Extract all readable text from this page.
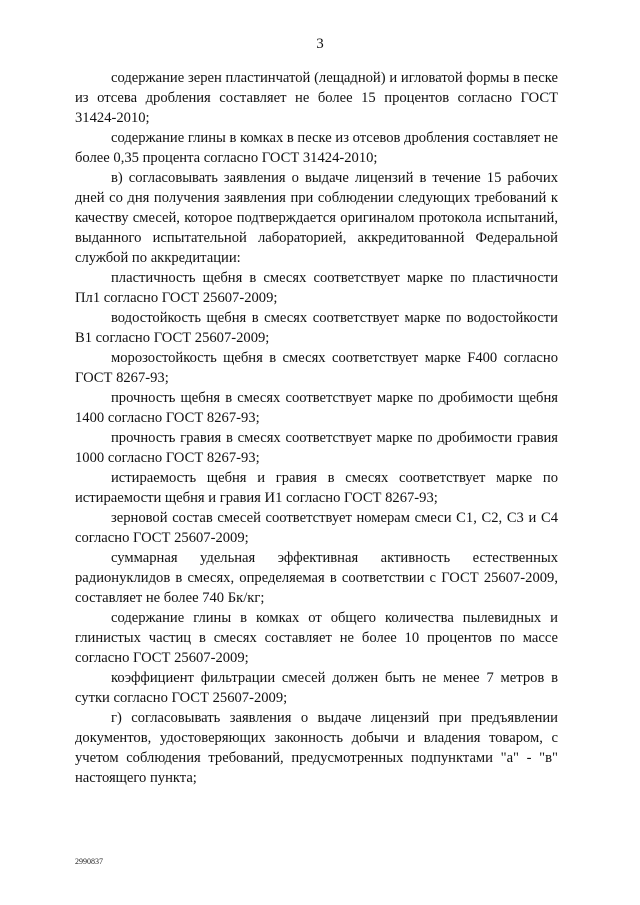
3

содержание зерен пластинчатой (лещадной) и игловатой формы в песке из отсева дробления составляет не более 15 процентов согласно ГОСТ 31424-2010;

содержание глины в комках в песке из отсевов дробления составляет не более 0,35 процента согласно ГОСТ 31424-2010;

в) согласовывать заявления о выдаче лицензий в течение 15 рабочих дней со дня получения заявления при соблюдении следующих требований к качеству смесей, которое подтверждается оригиналом протокола испытаний, выданного испытательной лабораторией, аккредитованной Федеральной службой по аккредитации:

пластичность щебня в смесях соответствует марке по пластичности Пл1 согласно ГОСТ 25607-2009;

водостойкость щебня в смесях соответствует марке по водостойкости В1 согласно ГОСТ 25607-2009;

морозостойкость щебня в смесях соответствует марке F400 согласно ГОСТ 8267-93;

прочность щебня в смесях соответствует марке по дробимости щебня 1400 согласно ГОСТ 8267-93;

прочность гравия в смесях соответствует марке по дробимости гравия 1000 согласно ГОСТ 8267-93;

истираемость щебня и гравия в смесях соответствует марке по истираемости щебня и гравия И1 согласно ГОСТ 8267-93;

зерновой состав смесей соответствует номерам смеси С1, С2, С3 и С4 согласно ГОСТ 25607-2009;

суммарная удельная эффективная активность естественных радионуклидов в смесях, определяемая в соответствии с ГОСТ 25607-2009, составляет не более 740 Бк/кг;

содержание глины в комках от общего количества пылевидных и глинистых частиц в смесях составляет не более 10 процентов по массе согласно ГОСТ 25607-2009;

коэффициент фильтрации смесей должен быть не менее 7 метров в сутки согласно ГОСТ 25607-2009;

г) согласовывать заявления о выдаче лицензий при предъявлении документов, удостоверяющих законность добычи и владения товаром, с учетом соблюдения требований, предусмотренных подпунктами "а" - "в" настоящего пункта;

2990837
